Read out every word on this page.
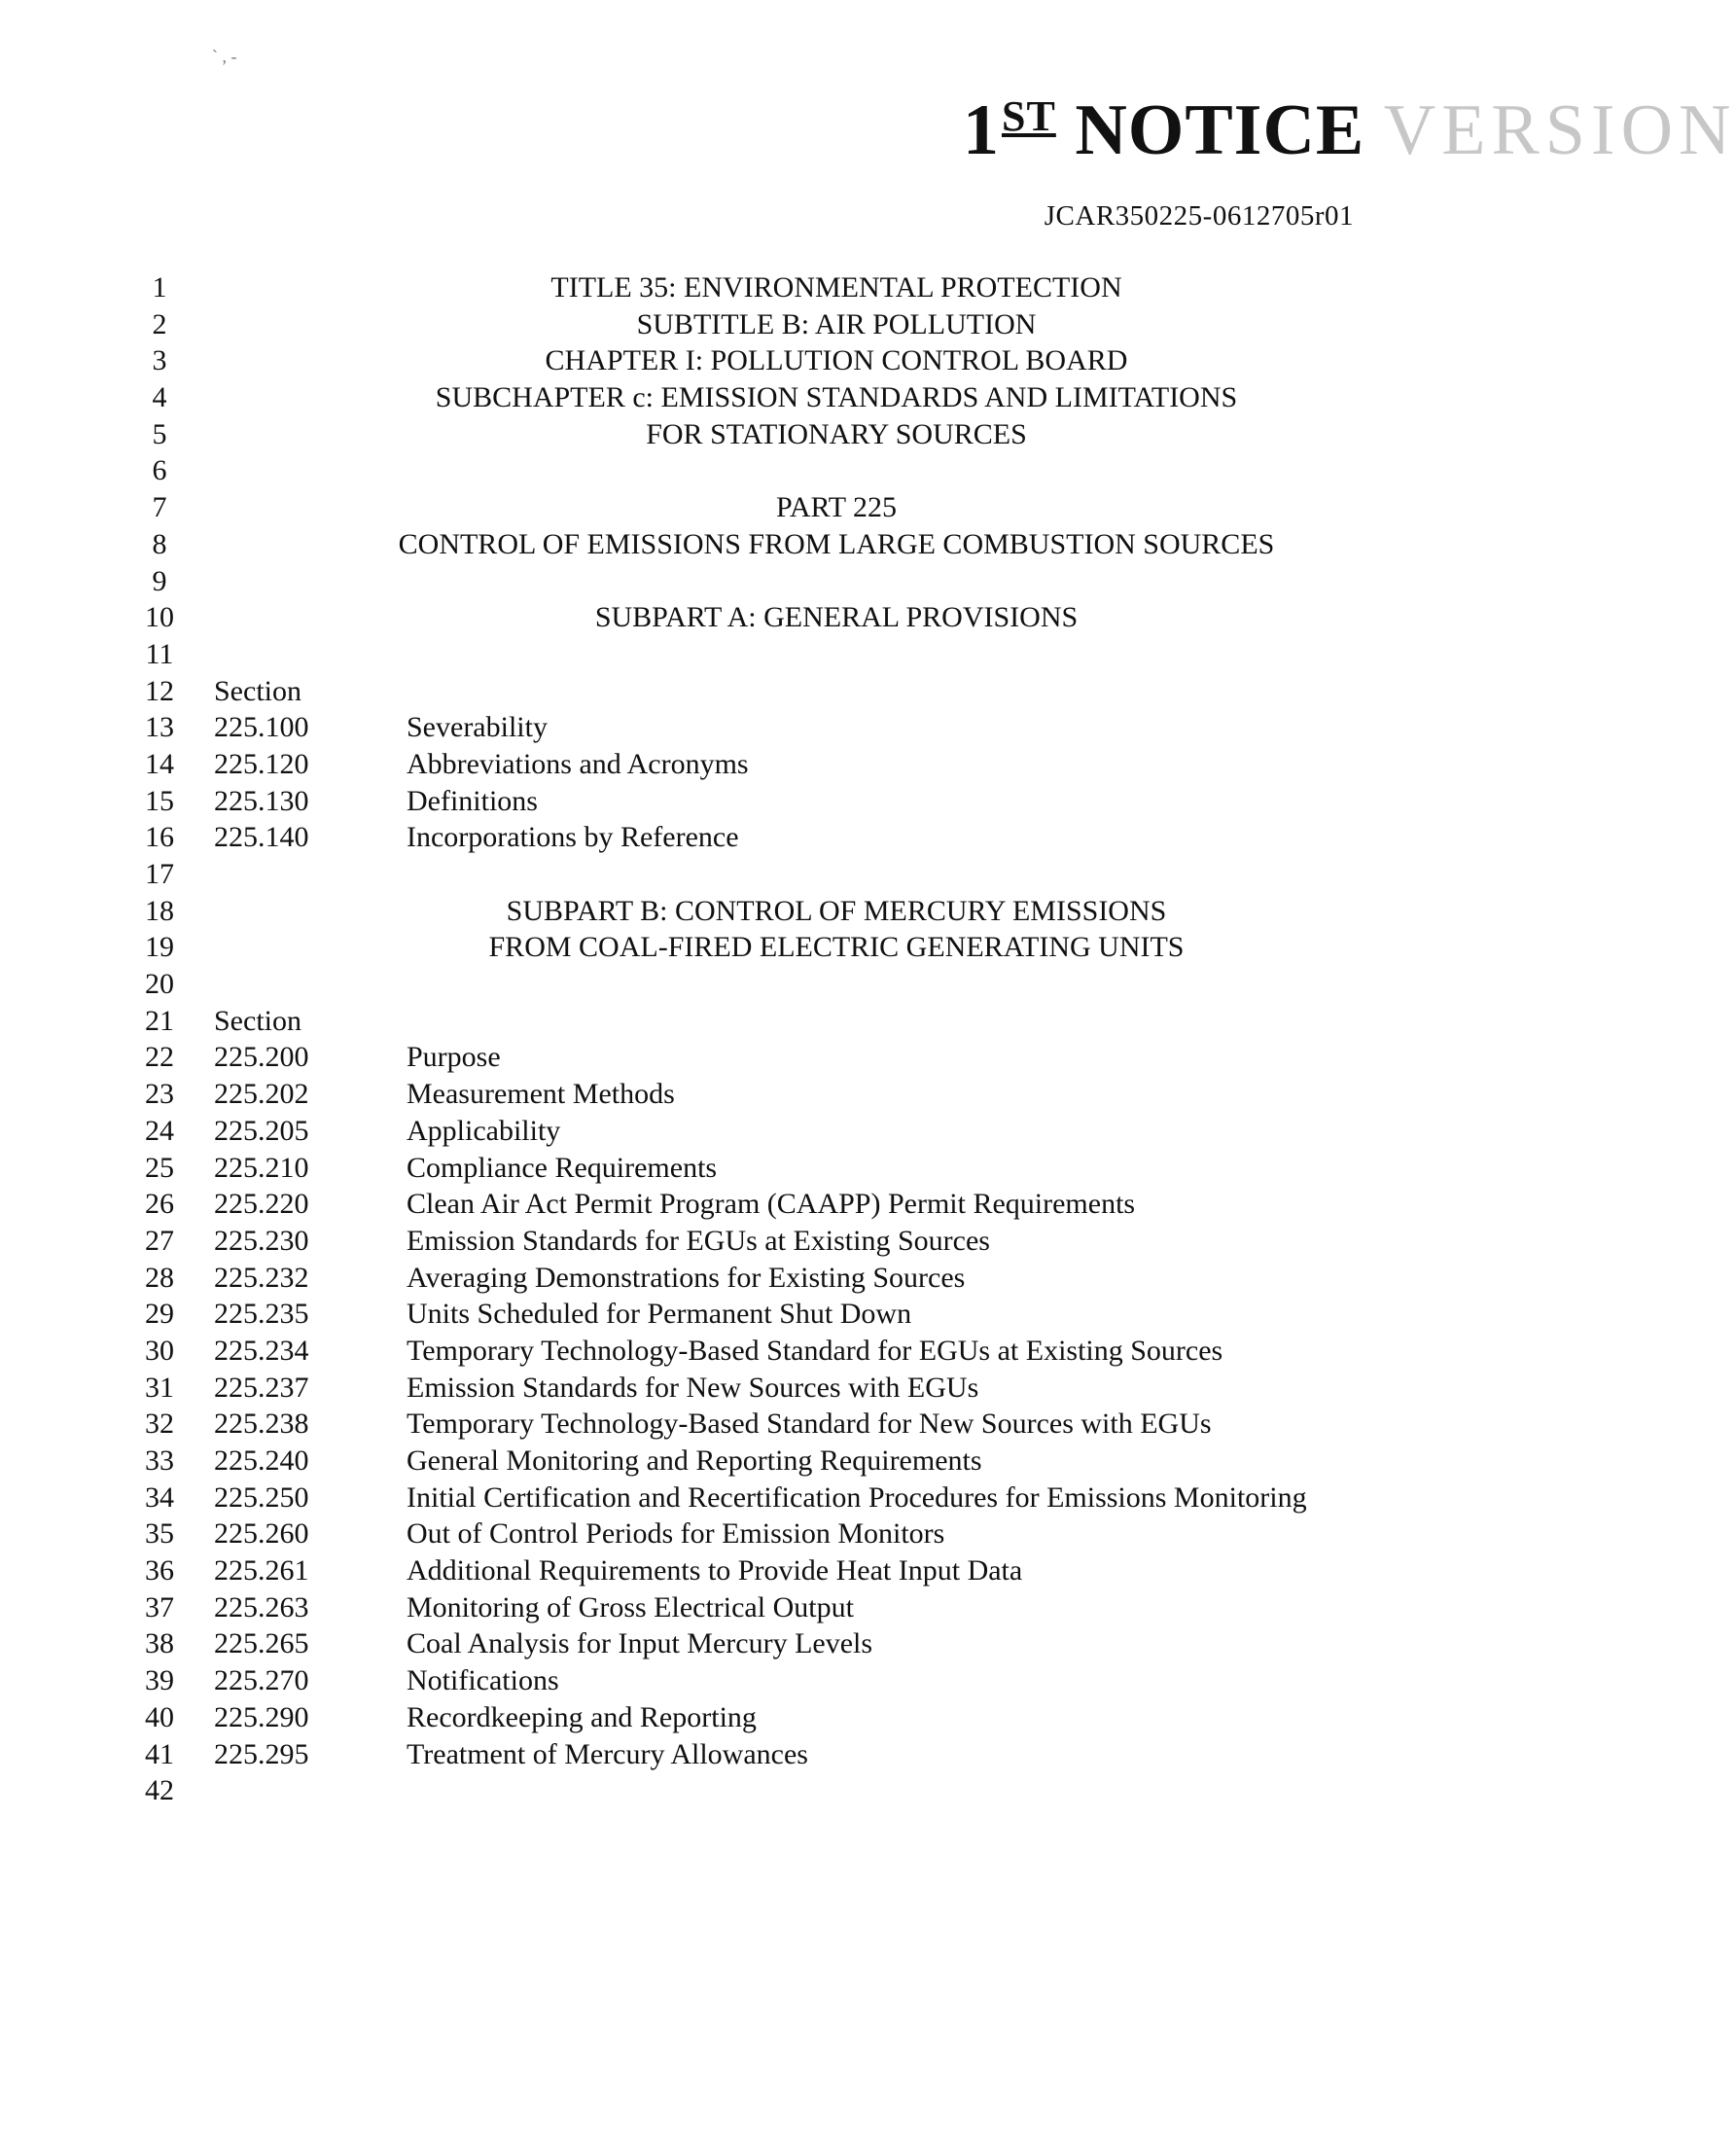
` , -
1ST NOTICE VERSION
JCAR350225-0612705r01
1	TITLE 35: ENVIRONMENTAL PROTECTION
2	SUBTITLE B: AIR POLLUTION
3	CHAPTER I: POLLUTION CONTROL BOARD
4	SUBCHAPTER c: EMISSION STANDARDS AND LIMITATIONS
5	FOR STATIONARY SOURCES
6
7	PART 225
8	CONTROL OF EMISSIONS FROM LARGE COMBUSTION SOURCES
9
10	SUBPART A: GENERAL PROVISIONS
11
12	Section
13	225.100	Severability
14	225.120	Abbreviations and Acronyms
15	225.130	Definitions
16	225.140	Incorporations by Reference
17
18	SUBPART B: CONTROL OF MERCURY EMISSIONS
19	FROM COAL-FIRED ELECTRIC GENERATING UNITS
20
21	Section
22	225.200	Purpose
23	225.202	Measurement Methods
24	225.205	Applicability
25	225.210	Compliance Requirements
26	225.220	Clean Air Act Permit Program (CAAPP) Permit Requirements
27	225.230	Emission Standards for EGUs at Existing Sources
28	225.232	Averaging Demonstrations for Existing Sources
29	225.235	Units Scheduled for Permanent Shut Down
30	225.234	Temporary Technology-Based Standard for EGUs at Existing Sources
31	225.237	Emission Standards for New Sources with EGUs
32	225.238	Temporary Technology-Based Standard for New Sources with EGUs
33	225.240	General Monitoring and Reporting Requirements
34	225.250	Initial Certification and Recertification Procedures for Emissions Monitoring
35	225.260	Out of Control Periods for Emission Monitors
36	225.261	Additional Requirements to Provide Heat Input Data
37	225.263	Monitoring of Gross Electrical Output
38	225.265	Coal Analysis for Input Mercury Levels
39	225.270	Notifications
40	225.290	Recordkeeping and Reporting
41	225.295	Treatment of Mercury Allowances
42
